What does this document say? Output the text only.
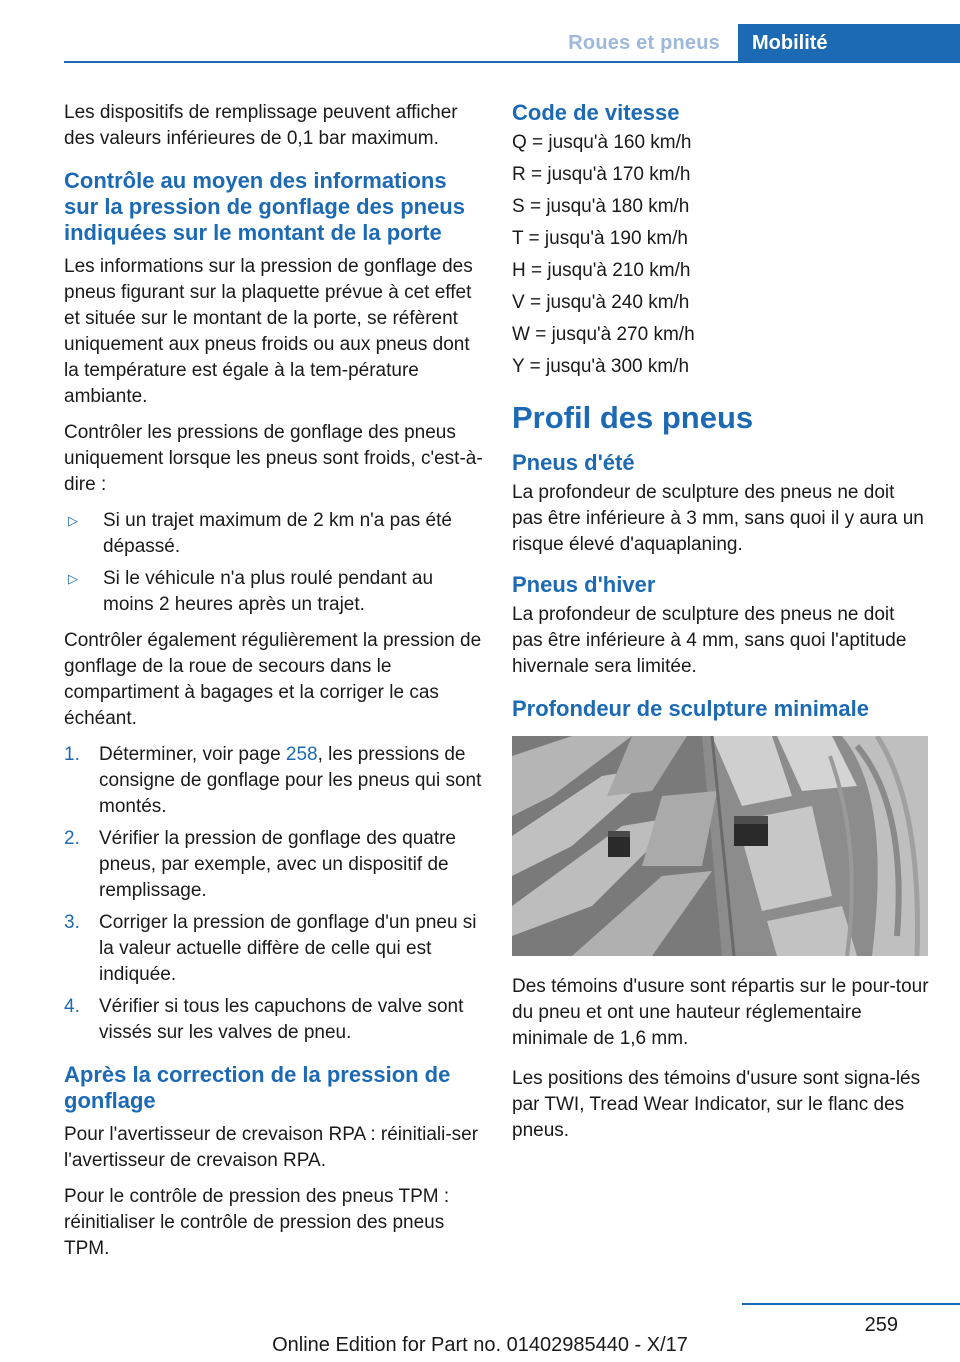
Roues et pneus	Mobilité

Les dispositifs de remplissage peuvent afficher des valeurs inférieures de 0,1 bar maximum.

Contrôle au moyen des informations sur la pression de gonflage des pneus indiquées sur le montant de la porte

Les informations sur la pression de gonflage des pneus figurant sur la plaquette prévue à cet effet et située sur le montant de la porte, se réfèrent uniquement aux pneus froids ou aux pneus dont la température est égale à la tem‐pérature ambiante.

Contrôler les pressions de gonflage des pneus uniquement lorsque les pneus sont froids, c'est-à-dire :

▷	Si un trajet maximum de 2 km n'a pas été dépassé.
▷	Si le véhicule n'a plus roulé pendant au moins 2 heures après un trajet.

Contrôler également régulièrement la pression de gonflage de la roue de secours dans le compartiment à bagages et la corriger le cas échéant.

1.	Déterminer, voir page 258, les pressions de consigne de gonflage pour les pneus qui sont montés.
2.	Vérifier la pression de gonflage des quatre pneus, par exemple, avec un dispositif de remplissage.
3.	Corriger la pression de gonflage d'un pneu si la valeur actuelle diffère de celle qui est indiquée.
4.	Vérifier si tous les capuchons de valve sont vissés sur les valves de pneu.
Après la correction de la pression de gonflage

Pour l'avertisseur de crevaison RPA : réinitiali‐ser l'avertisseur de crevaison RPA.

Pour le contrôle de pression des pneus TPM : réinitialiser le contrôle de pression des pneus TPM.

Code de vitesse
Q = jusqu'à 160 km/h
R = jusqu'à 170 km/h
S = jusqu'à 180 km/h
T = jusqu'à 190 km/h
H = jusqu'à 210 km/h
V = jusqu'à 240 km/h
W = jusqu'à 270 km/h
Y = jusqu'à 300 km/h
Profil des pneus
Pneus d'été

La profondeur de sculpture des pneus ne doit pas être inférieure à 3 mm, sans quoi il y aura un risque élevé d'aquaplaning.

Pneus d'hiver

La profondeur de sculpture des pneus ne doit pas être inférieure à 4 mm, sans quoi l'aptitude hivernale sera limitée.

Profondeur de sculpture minimale

Des témoins d'usure sont répartis sur le pour‐tour du pneu et ont une hauteur réglementaire minimale de 1,6 mm.

Les positions des témoins d'usure sont signa‐lés par TWI, Tread Wear Indicator, sur le flanc des pneus.

259
Online Edition for Part no. 01402985440 - X/17
